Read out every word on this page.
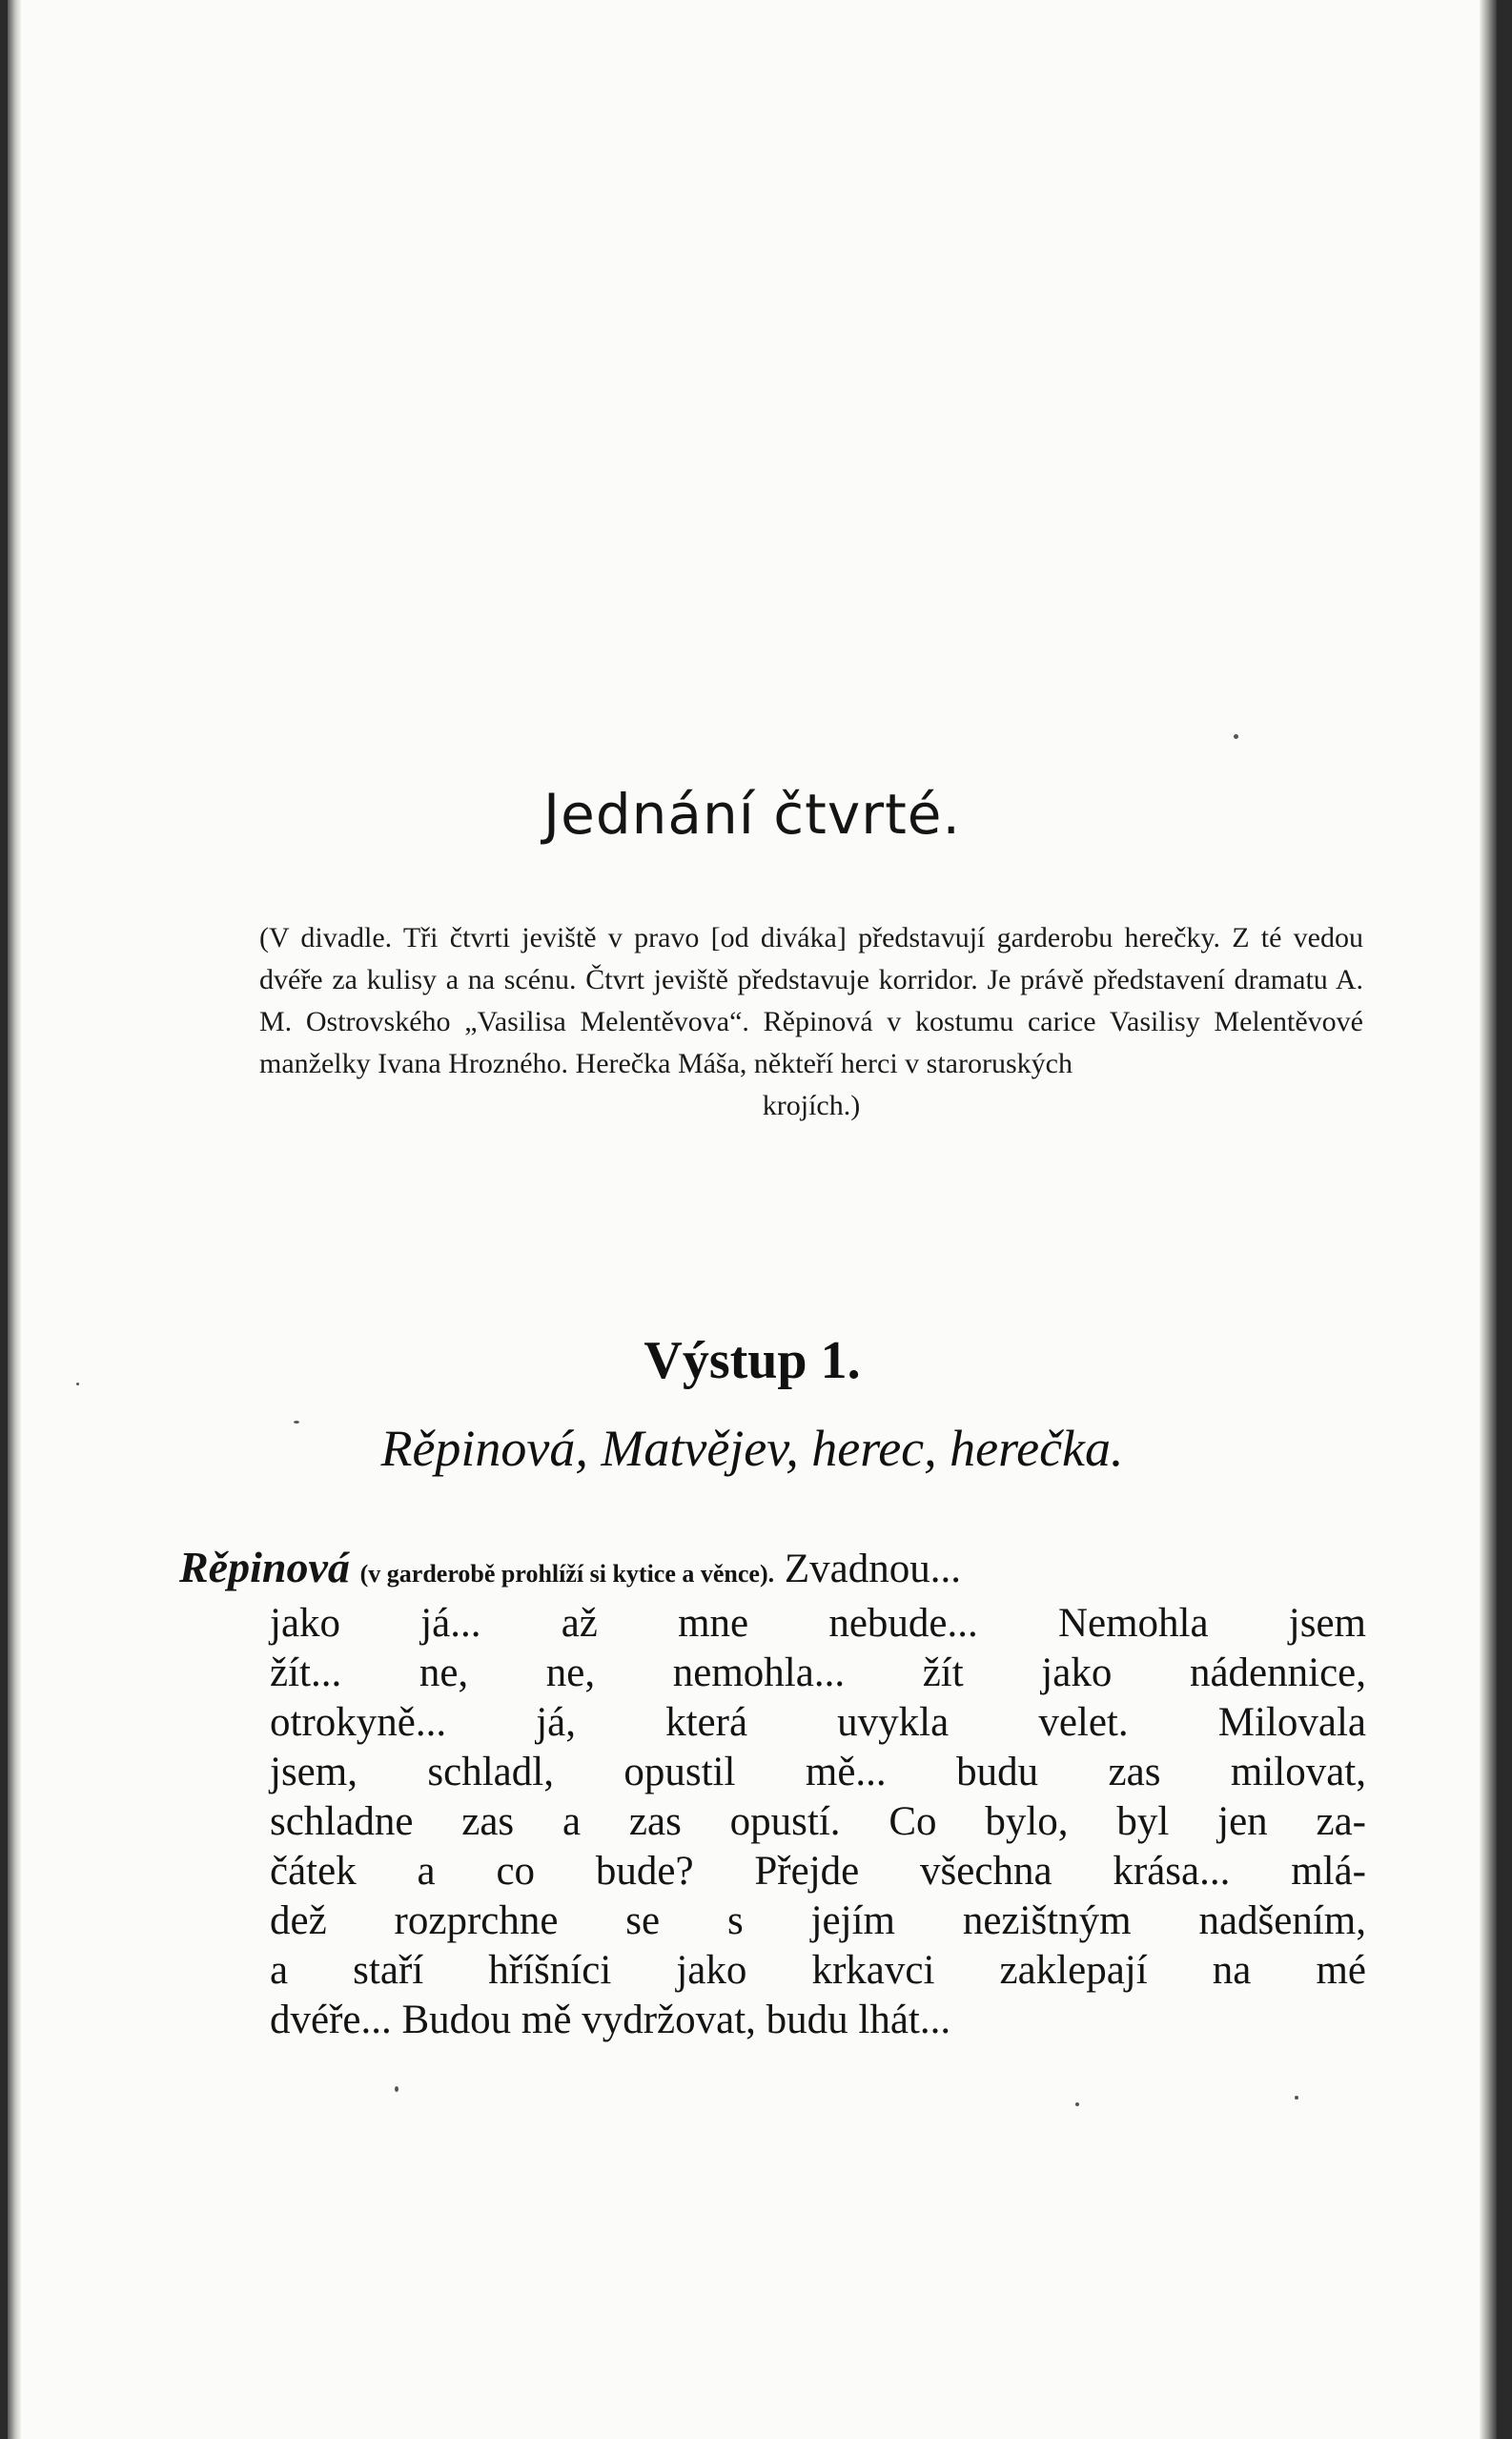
Jednání čtvrté.

(V divadle. Tři čtvrti jeviště v pravo [od diváka] představují garderobu herečky. Z té vedou dvéře za kulisy a na scénu. Čtvrt jeviště představuje korridor. Je právě představení dramatu A. M. Ostrovského „Vasilisa Melentěvova“. Rěpinová v kostumu carice Vasilisy Melentěvové manželky Ivana Hrozného. Herečka Máša, někteří herci v staroruských
krojích.)

Výstup 1.

Rěpinová, Matvějev, herec, herečka.

Rěpinová (v garderobě prohlíží si kytice a věnce). Zvadnou...
jako já... až mne nebude... Nemohla jsem
žít... ne, ne, nemohla... žít jako nádennice,
otrokyně... já, která uvykla velet. Milovala
jsem, schladl, opustil mě... budu zas milovat,
schladne zas a zas opustí. Co bylo, byl jen za-
čátek a co bude? Přejde všechna krása... mlá-
dež rozprchne se s jejím nezištným nadšením,
a staří hříšníci jako krkavci zaklepají na mé
dvéře... Budou mě vydržovat, budu lhát...
